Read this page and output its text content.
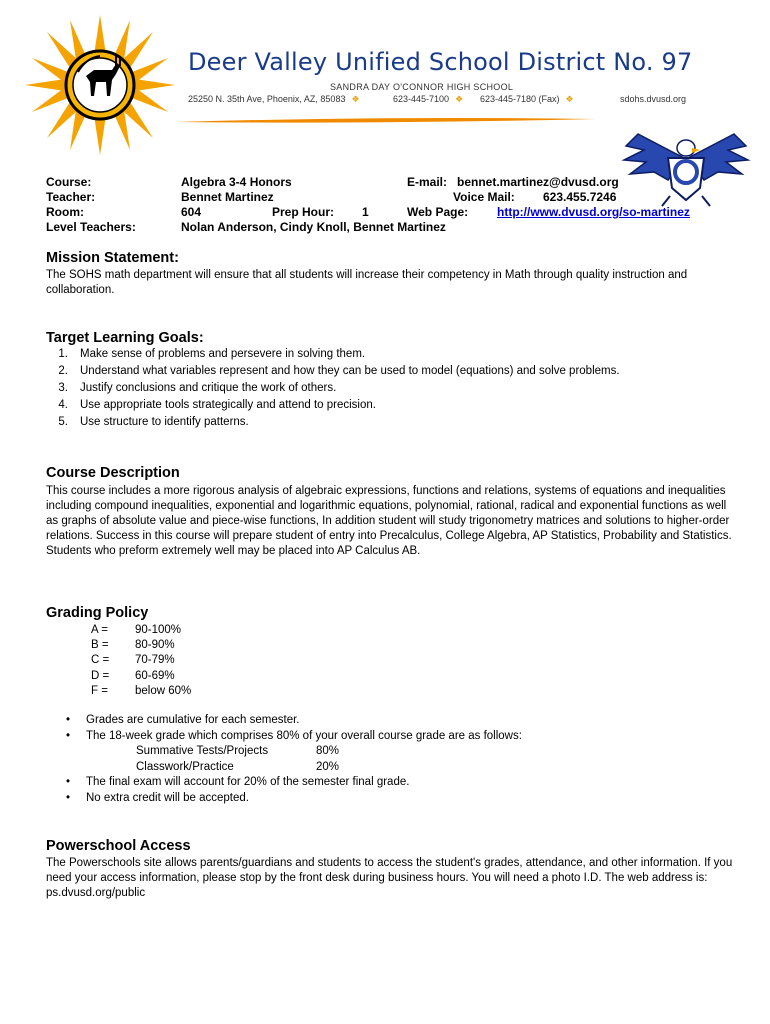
Deer Valley Unified School District No. 97
SANDRA DAY O'CONNOR HIGH SCHOOL
25250 N. 35th Ave, Phoenix, AZ, 85083 ❖	623-445-7100 ❖ 623-445-7180 (Fax) ❖	sdohs.dvusd.org
Course:	Algebra 3-4 Honors	E-mail: bennet.martinez@dvusd.org
Teacher:	Bennet Martinez	Voice Mail: 623.455.7246
Room:	604	Prep Hour: 1	Web Page: http://www.dvusd.org/so-martinez
Level Teachers:	Nolan Anderson, Cindy Knoll, Bennet Martinez
Mission Statement:
The SOHS math department will ensure that all students will increase their competency in Math through quality instruction and collaboration.
Target Learning Goals:
1. Make sense of problems and persevere in solving them.
2. Understand what variables represent and how they can be used to model (equations) and solve problems.
3. Justify conclusions and critique the work of others.
4. Use appropriate tools strategically and attend to precision.
5. Use structure to identify patterns.
Course Description
This course includes a more rigorous analysis of algebraic expressions, functions and relations, systems of equations and inequalities including compound inequalities, exponential and logarithmic equations, polynomial, rational, radical and exponential functions as well as graphs of absolute value and piece-wise functions, In addition student will study trigonometry matrices and solutions to higher-order relations. Success in this course will prepare student of entry into Precalculus, College Algebra, AP Statistics, Probability and Statistics. Students who preform extremely well may be placed into AP Calculus AB.
Grading Policy
A =	90-100%
B =	80-90%
C =	70-79%
D =	60-69%
F =	below 60%
•	Grades are cumulative for each semester.
•	The 18-week grade which comprises 80% of your overall course grade are as follows:
Summative Tests/Projects	80%
Classwork/Practice	20%
•	The final exam will account for 20% of the semester final grade.
•	No extra credit will be accepted.
Powerschool Access
The Powerschools site allows parents/guardians and students to access the student's grades, attendance, and other information. If you need your access information, please stop by the front desk during business hours. You will need a photo I.D. The web address is: ps.dvusd.org/public
